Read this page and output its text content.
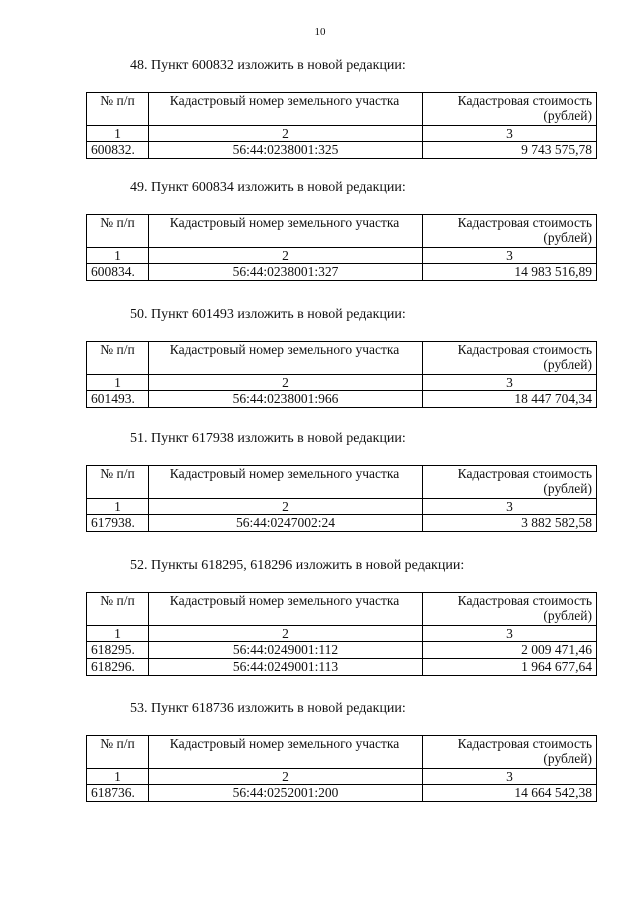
10
48. Пункт 600832 изложить в новой редакции:
№ п/п	Кадастровый номер земельного участка	Кадастровая стоимость
(рублей)
1	2	3
600832.	56:44:0238001:325	9 743 575,78
49. Пункт 600834 изложить в новой редакции:
№ п/п	Кадастровый номер земельного участка	Кадастровая стоимость
(рублей)
1	2	3
600834.	56:44:0238001:327	14 983 516,89
50. Пункт 601493 изложить в новой редакции:
№ п/п	Кадастровый номер земельного участка	Кадастровая стоимость
(рублей)
1	2	3
601493.	56:44:0238001:966	18 447 704,34
51. Пункт 617938 изложить в новой редакции:
№ п/п	Кадастровый номер земельного участка	Кадастровая стоимость
(рублей)
1	2	3
617938.	56:44:0247002:24	3 882 582,58
52. Пункты 618295, 618296 изложить в новой редакции:
№ п/п	Кадастровый номер земельного участка	Кадастровая стоимость
(рублей)
1	2	3
618295.	56:44:0249001:112	2 009 471,46
618296.	56:44:0249001:113	1 964 677,64
53. Пункт 618736 изложить в новой редакции:
№ п/п	Кадастровый номер земельного участка	Кадастровая стоимость
(рублей)
1	2	3
618736.	56:44:0252001:200	14 664 542,38
